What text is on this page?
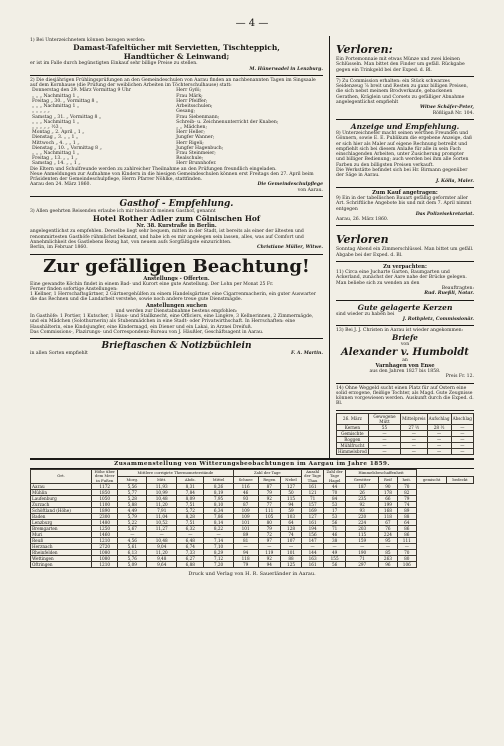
— 4 —
1) Bei Unterzeichnetem können bezogen werden:
Damast-Tafeltücher mit Servietten, Tischteppich,
Handtücher & Leinwand;
er ist im Falle durch begünstigten Einkauf sehr billige Preise zu stellen.
M. Hünerwadel in Lenzburg.
2) Die diesjährigen Frühlingsprüfungen an den Gemeindeschulen von Aarau finden an nachbenannten Tagen im Singsaale auf dem Kornhause (die Prüfung der weiblichen Arbeiten im Töchterschulhause) statt:
Donnerstag den 29. März Vormittag 9 Uhr	Herr Gyßi;
„ „ „ Nachmittag 1 „	Frau Märk;
Freitag „ 30. „ Vormittag 8 „	Herr Pfeiffer;
„ „ „ Nachmittag 1 „	Arbeitsschulen;
„ „ „ „ „	Gesang;
Samstag „ 31. „ Vormittag 8 „	Frau Siebenmann;
„ „ „ Nachmittag 1 „	Schreib- u. Zeichnenunterricht der Knaben;
„ „ „ „ „ ½3 „	„ „ Mädchen;
Montag „ 2. April „ 1 „	Herr Heller;
Dienstag „ 3. „ „ 1 „	Jungfer Wanner;
Mittwoch „ 4. „ „ 1 „	Herr Rigeli;
Dienstag „ 10. „ Vormittag 8 „	Jungfer Hagenbuch;
„ „ „ Nachmittag 1 „	Frau Steinmeier;
Freitag „ 13. „ „ 1 „	Realschule;
Samstag „ 14. „ „ 1 „	Herr Brunnhofer.
Die Eltern und Schulfreunde werden zu zahlreicher Theilnahme an den Prüfungen freundlich eingeladen.
Neue Anmeldungen zur Aufnahme von Kindern in die hiesigen Gemeindeschulen können erst Freitags den 27. April beim Präsidenten der Gemeindeschulpflege, Herrn Pfarrer Nöhlke, stattfinden.
Aarau den 24. März 1860.	Die Gemeindeschulpflege
von Aarau.
Gasthof - Empfehlung.
3) Allen geehrten Reisenden erlaube ich mir hiedurch meinen Gasthof, genannt
Hotel Rother Adler zum Cölnischen Hof
Nr. 38. Kurstraße in Berlin.
angelegentlichst zu empfehlen. Derselbe liegt sehr bequem, mitten in der Stadt, ist bereits als einer der ältesten und renommirtesten Gasthöfe rühmlichst bekannt, und habe ich es mir angelegen sein lassen, alles, was auf Comfort und Annehmlichkeit des Gastlebens Bezug hat, von neuem aufs Sorgfältigste einzurichten.
Berlin, im Februar 1860.	Christiane Müller, Witwe.
Zur gefälligen Beachtung!
Anstellungs - Offerten.
Eine gewandte Köchin findet in einem Bad- und Kurort eine gute Anstellung. Der Lohn per Monat 25 Fr.
Ferner finden sofortige Anstellungen:
1 Kellner, 1 Herrschaftsgärtner, 2 Gärtnergehülfen zu einem Handelsgärtner, eine Cigarrenmacherin, ein guter Auswarter die das Rechnen und die Landarbeit verstehe, sowie noch andere treue gute Dienstmägde.
Anstellungen suchen
und werden zur Dienstabnahme bestens empfohlen:
In Gasthöfe: 1 Portier, 1 Kutscher, 1 Haus- und Stallknecht, eine Officiers, eine Lingère, 3 Kellnerinnen, 2 Zimmermägde, und ein Mädchen (Solothurnerin) als Stubenmädchen in eine Stadt- oder Privatwirthschaft. In Herrschaften: eine Haushälterin, eine Kindsjungfer, eine Kindermagd, ein Diener und ein Lakai, in Arznei Dreifuß.
Das Commissions-, Plazirungs- und Correspondenz-Bureau von J. Häußler, Geschäftsagent in Aarau.
Brieftaschen & Notizbüchlein
in allen Sorten empfiehlt	F. A. Martin.
Verloren:
Ein Portemonnaie mit etwas Münze und zwei kleinen Schlüsseln. Man bittet den Finder um gefäll. Rückgabe gegen ein Trinkgeld bei der Exped. d. Bl.
7) Zu Commission erhalten: ein Stück schwarzes Seidenzeug ⅞ breit und Resten zu ganz billigen Preisen, die sich nebst meinem Brodverkaufe, gebackenen Gerathen, Kräglein und Corsets zu gefälliger Abnahme angelegentlichst empfiehlt
Witwe Schäfer-Peter,
Rößligaß Nr. 104.
Anzeige und Empfehlung.
8) Unterzeichneter macht seinen werthen Freunden und Gönnern, sowie E. E. Publikum die ergebene Anzeige, daß er sich hier als Maler auf eigene Rechnung betreibt und empfiehlt sich bei diesem Anlaße für alle in sein Fach einschlagenden Arbeiten, unter Zusicherung prompter und billiger Bedienung; auch werden bei ihm alle Sorten Farben zu den billigsten Preisen verkauft.
Die Werkstätte befindet sich bei Hr. Birmann gegenüber der Säge in Aarau.
J. Kölla, Maler.
Zum Kauf angetragen:
9) Ein in der tabellischen Bauart gefällig geformter aller Art. Schriftliche Angebote bis und mit dem 7. April nimmt entgegen
Das Polizeisekretariat.
Aarau, 26. März 1860.
Verloren
Sonntag Abend ein Zimmerschlüssel. Man bittet um gefäll. Abgabe bei der Exped. d. Bl.
Zu verpachten:
11) Circa eine Jucharte Garten, Baumgarten und Ackerland, zunächst der Aare nahe der Brücke gelegen.
Man beliebe sich zu wenden an den
Beauftragten:
Rud. Rueßli, Notar.
Gute gelagerte Kerzen
sind wieder zu haben bei
J. Rothpletz, Commissionär.
13) Bei J. J. Christen in Aarau ist wieder angekommen:
Briefe
von
Alexander v. Humboldt
an
Varnhagen von Ense
aus den Jahren 1827 bis 1858.
Preis Fr. 12.
14) Ohne Weggeld sucht einen Platz für auf Ostern eine solid erzogene, fleißige Tochter, als Magd. Gute Zeugnisse können vorgewiesen werden. Auskunft durch die Exped. d. Bl.
26. März	Gewogene Mütt	Mittelpreis	Aufschlag	Abschlag
Kernen	55	27 ½	28 ½	—
Gemischte	—	—	—	—
Roggen	—	—	—	—
Mühlfrucht	—	—	—	—
Himmelsbrod	—	—	—	—
Zusammenstellung von Witterungsbeobachtungen im Aargau im Jahre 1859.
Ort.	Höhe über dem Meer in Fußen	Mittlere corrigirte Thermometerstände				Zahl der Tage			Anzahl der Tage Thau	Zahl der Tage Hagel	Himmelsbeschaffenheit				
		Morg.	Mitt.	Abds.	Mittel	Schnee	Regen	Nebel			Gewitter	Reif	heit.	gemischt	bedeckt
Aarau	1172	5,56	11,93	8,31	8,26	116	87	127	161	44	187	90	70		
Mühlin	1850	5,77	10,99	7,84	8,19	46	79	50	121	70	26	178	82		
Laufenburg	1050	5,28	10,48	8,09	7,95	93	92	115	71	84	235	66	79		
Zurzach	1100	5,88	11,20	7,51	8,10	87	77	94	157	53	92	199	74		
Schöftland (Höhe)	1890	4,49	7,91	5,72	6,34	109	111	59	169	17	93	168	89		
Baden	2300	5,79	11,04	8,28	7,86	109	105	103	127	53	220	118	88		
Lenzburg	1480	5,22	10,52	7,51	8,14	101	80	64	161	56	224	67	64		
Bremgarten	1250	5,67	11,27	6,32	8,22	101	79	128	194	71	203	76	86		
Muri	1460	—	—	—	—	89	72	74	156	46	115	224	86		
Reuß	1210	4,56	10,48	6,48	7,14	81	97	107	147	38	159	95	111		
Herznach	2720	5,61	9,04	6,74	7,10	—	—	—	—	—	—	—	—		
Rheinfelden	1080	6,13	11,20	7,33	8,29	94	119	101	144	49	190	85	70		
Wettingen	1080	5,76	9,48	6,27	7,12	118	92	88	163	155	71	263	80		
Oftringen	1210	5,09	9,64	6,88	7,20	79	94	125	161	56	297	96	106		
Druck und Verlag von H. R. Sauerländer in Aarau.
